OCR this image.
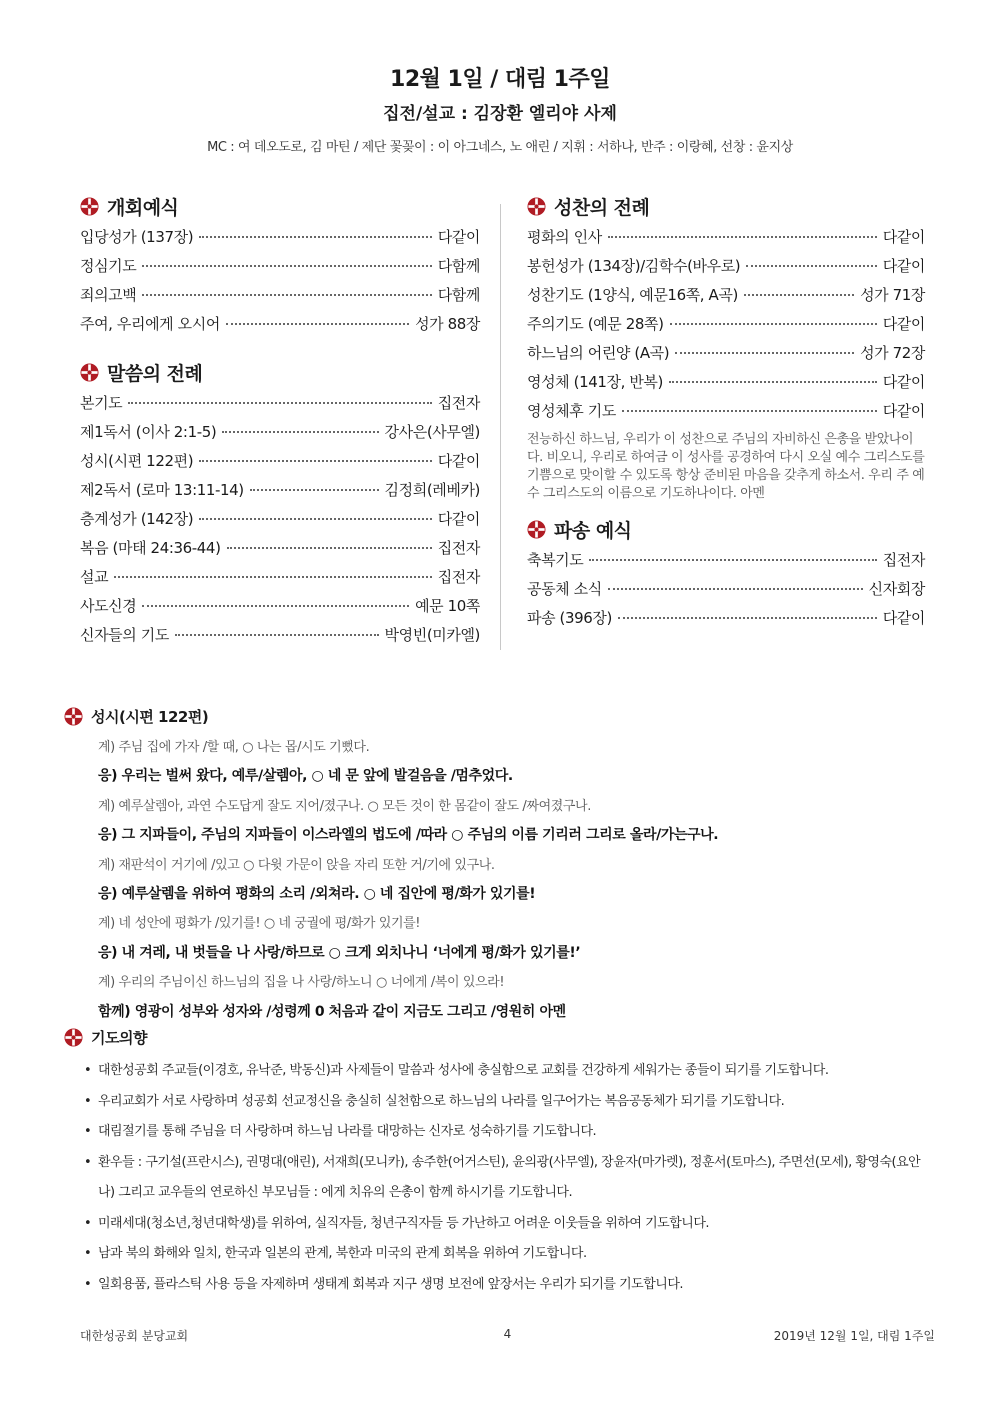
12월 1일 / 대림 1주일
집전/설교 : 김장환 엘리야 사제
MC : 여 데오도로, 김 마틴 / 제단 꽃꽂이 : 이 아그네스, 노 애린 / 지휘 : 서하나, 반주 : 이랑혜, 선창 : 윤지상
개회예식
입당성가 (137장)	다같이
정심기도	다함께
죄의고백	다함께
주여, 우리에게 오시어	성가 88장
말씀의 전례
본기도	집전자
제1독서 (이사 2:1-5)	강사은(사무엘)
성시(시편 122편)	다같이
제2독서 (로마 13:11-14)	김정희(레베카)
층계성가 (142장)	다같이
복음 (마태 24:36-44)	집전자
설교	집전자
사도신경	예문 10쪽
신자들의 기도	박영빈(미카엘)
성찬의 전례
평화의 인사	다같이
봉헌성가 (134장)/김학수(바우로)	다같이
성찬기도 (1양식, 예문16쪽, A곡)	성가 71장
주의기도 (예문 28쪽)	다같이
하느님의 어린양 (A곡)	성가 72장
영성체 (141장, 반복)	다같이
영성체후 기도	다같이
전능하신 하느님, 우리가 이 성찬으로 주님의 자비하신 은총을 받았나이다. 비오니, 우리로 하여금 이 성사를 공경하여 다시 오실 예수 그리스도를 기쁨으로 맞이할 수 있도록 항상 준비된 마음을 갖추게 하소서. 우리 주 예수 그리스도의 이름으로 기도하나이다. 아멘
파송 예식
축복기도	집전자
공동체 소식	신자회장
파송 (396장)	다같이
성시(시편 122편)
계) 주님 집에 가자 /할 때, ○ 나는 몹/시도 기뻤다.
응) 우리는 벌써 왔다, 예루/살렘아, ○ 네 문 앞에 발걸음을 /멈추었다.
계) 예루살렘아, 과연 수도답게 잘도 지어/졌구나. ○ 모든 것이 한 몸같이 잘도 /짜여졌구나.
응) 그 지파들이, 주님의 지파들이 이스라엘의 법도에 /따라 ○ 주님의 이름 기리러 그리로 올라/가는구나.
계) 재판석이 거기에 /있고 ○ 다윗 가문이 앉을 자리 또한 거/기에 있구나.
응) 예루살렘을 위하여 평화의 소리 /외쳐라. ○ 네 집안에 평/화가 있기를!
계) 네 성안에 평화가 /있기를! ○ 네 궁궐에 평/화가 있기를!
응) 내 겨레, 내 벗들을 나 사랑/하므로 ○ 크게 외치나니 ‘너에게 평/화가 있기를!’
계) 우리의 주님이신 하느님의 집을 나 사랑/하노니 ○ 너에게 /복이 있으라!
함께) 영광이 성부와 성자와 /성령께 0 처음과 같이 지금도 그리고 /영원히 아멘
기도의향
• 대한성공회 주교들(이경호, 유낙준, 박동신)과 사제들이 말씀과 성사에 충실함으로 교회를 건강하게 세워가는 종들이 되기를 기도합니다.
• 우리교회가 서로 사랑하며 성공회 선교정신을 충실히 실천함으로 하느님의 나라를 일구어가는 복음공동체가 되기를 기도합니다.
• 대림절기를 통해 주님을 더 사랑하며 하느님 나라를 대망하는 신자로 성숙하기를 기도합니다.
• 환우들 : 구기설(프란시스), 권명대(애린), 서재희(모니카), 송주한(어거스틴), 윤의광(사무엘), 장윤자(마가렛), 정훈서(토마스), 주면선(모세), 황영숙(요안나) 그리고 교우들의 연로하신 부모님들 : 에게 치유의 은총이 함께 하시기를 기도합니다.
• 미래세대(청소년,청년대학생)를 위하여, 실직자들, 청년구직자들 등 가난하고 어려운 이웃들을 위하여 기도합니다.
• 남과 북의 화해와 일치, 한국과 일본의 관계, 북한과 미국의 관계 회복을 위하여 기도합니다.
• 일회용품, 플라스틱 사용 등을 자제하며 생태계 회복과 지구 생명 보전에 앞장서는 우리가 되기를 기도합니다.
대한성공회 분당교회	4	2019년 12월 1일, 대림 1주일
